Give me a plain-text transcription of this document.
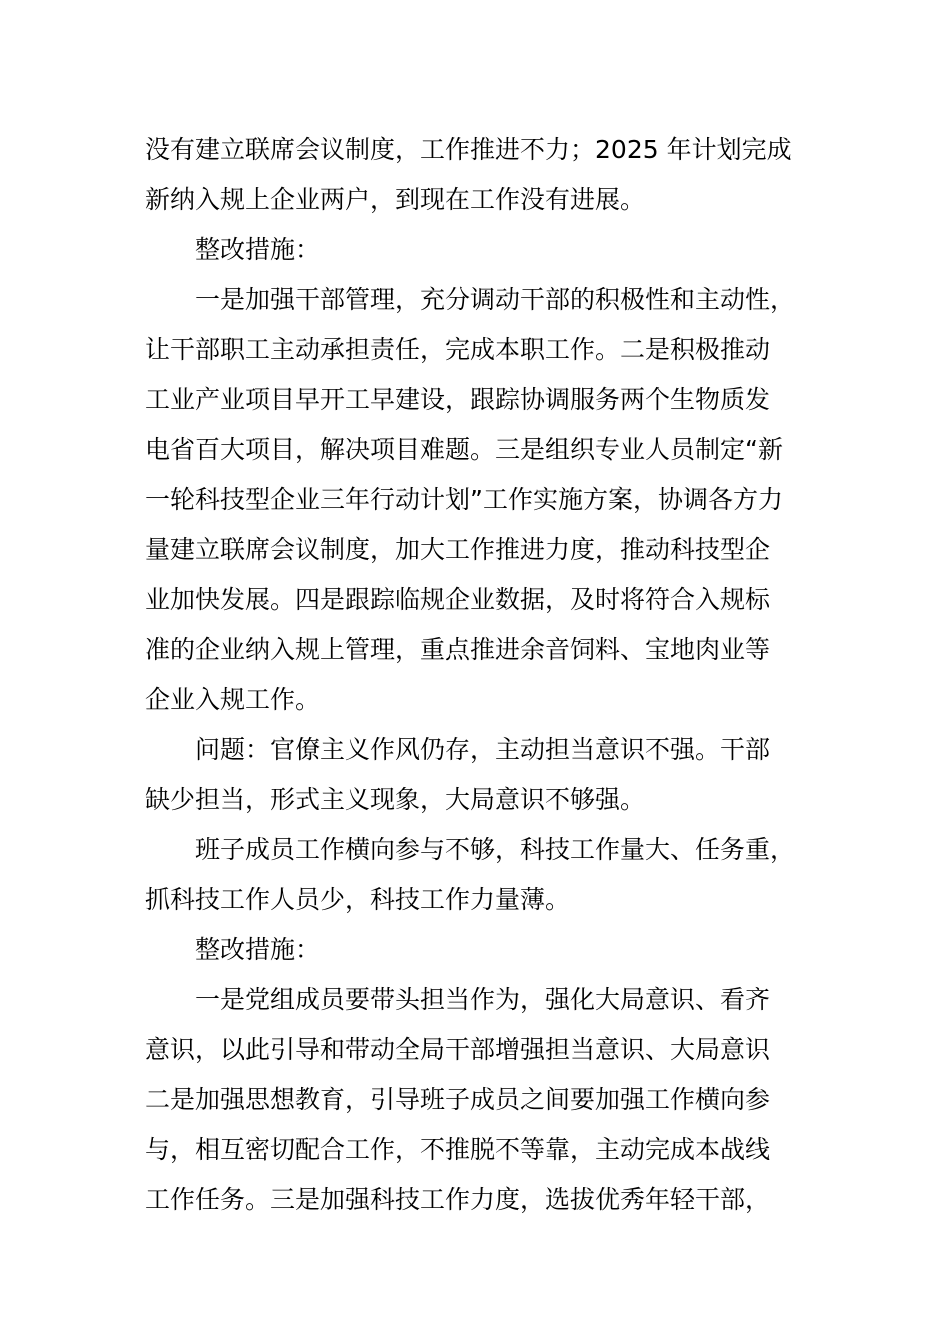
没有建立联席会议制度，工作推进不力；2025 年计划完成
新纳入规上企业两户，到现在工作没有进展。
整改措施：
一是加强干部管理，充分调动干部的积极性和主动性，
让干部职工主动承担责任，完成本职工作。二是积极推动
工业产业项目早开工早建设，跟踪协调服务两个生物质发
电省百大项目，解决项目难题。三是组织专业人员制定“新
一轮科技型企业三年行动计划”工作实施方案，协调各方力
量建立联席会议制度，加大工作推进力度，推动科技型企
业加快发展。四是跟踪临规企业数据，及时将符合入规标
准的企业纳入规上管理，重点推进余音饲料、宝地肉业等
企业入规工作。
问题：官僚主义作风仍存，主动担当意识不强。干部
缺少担当，形式主义现象，大局意识不够强。
班子成员工作横向参与不够，科技工作量大、任务重，
抓科技工作人员少，科技工作力量薄。
整改措施：
一是党组成员要带头担当作为，强化大局意识、看齐
意识，以此引导和带动全局干部增强担当意识、大局意识
二是加强思想教育，引导班子成员之间要加强工作横向参
与，相互密切配合工作，不推脱不等靠，主动完成本战线
工作任务。三是加强科技工作力度，选拔优秀年轻干部，
